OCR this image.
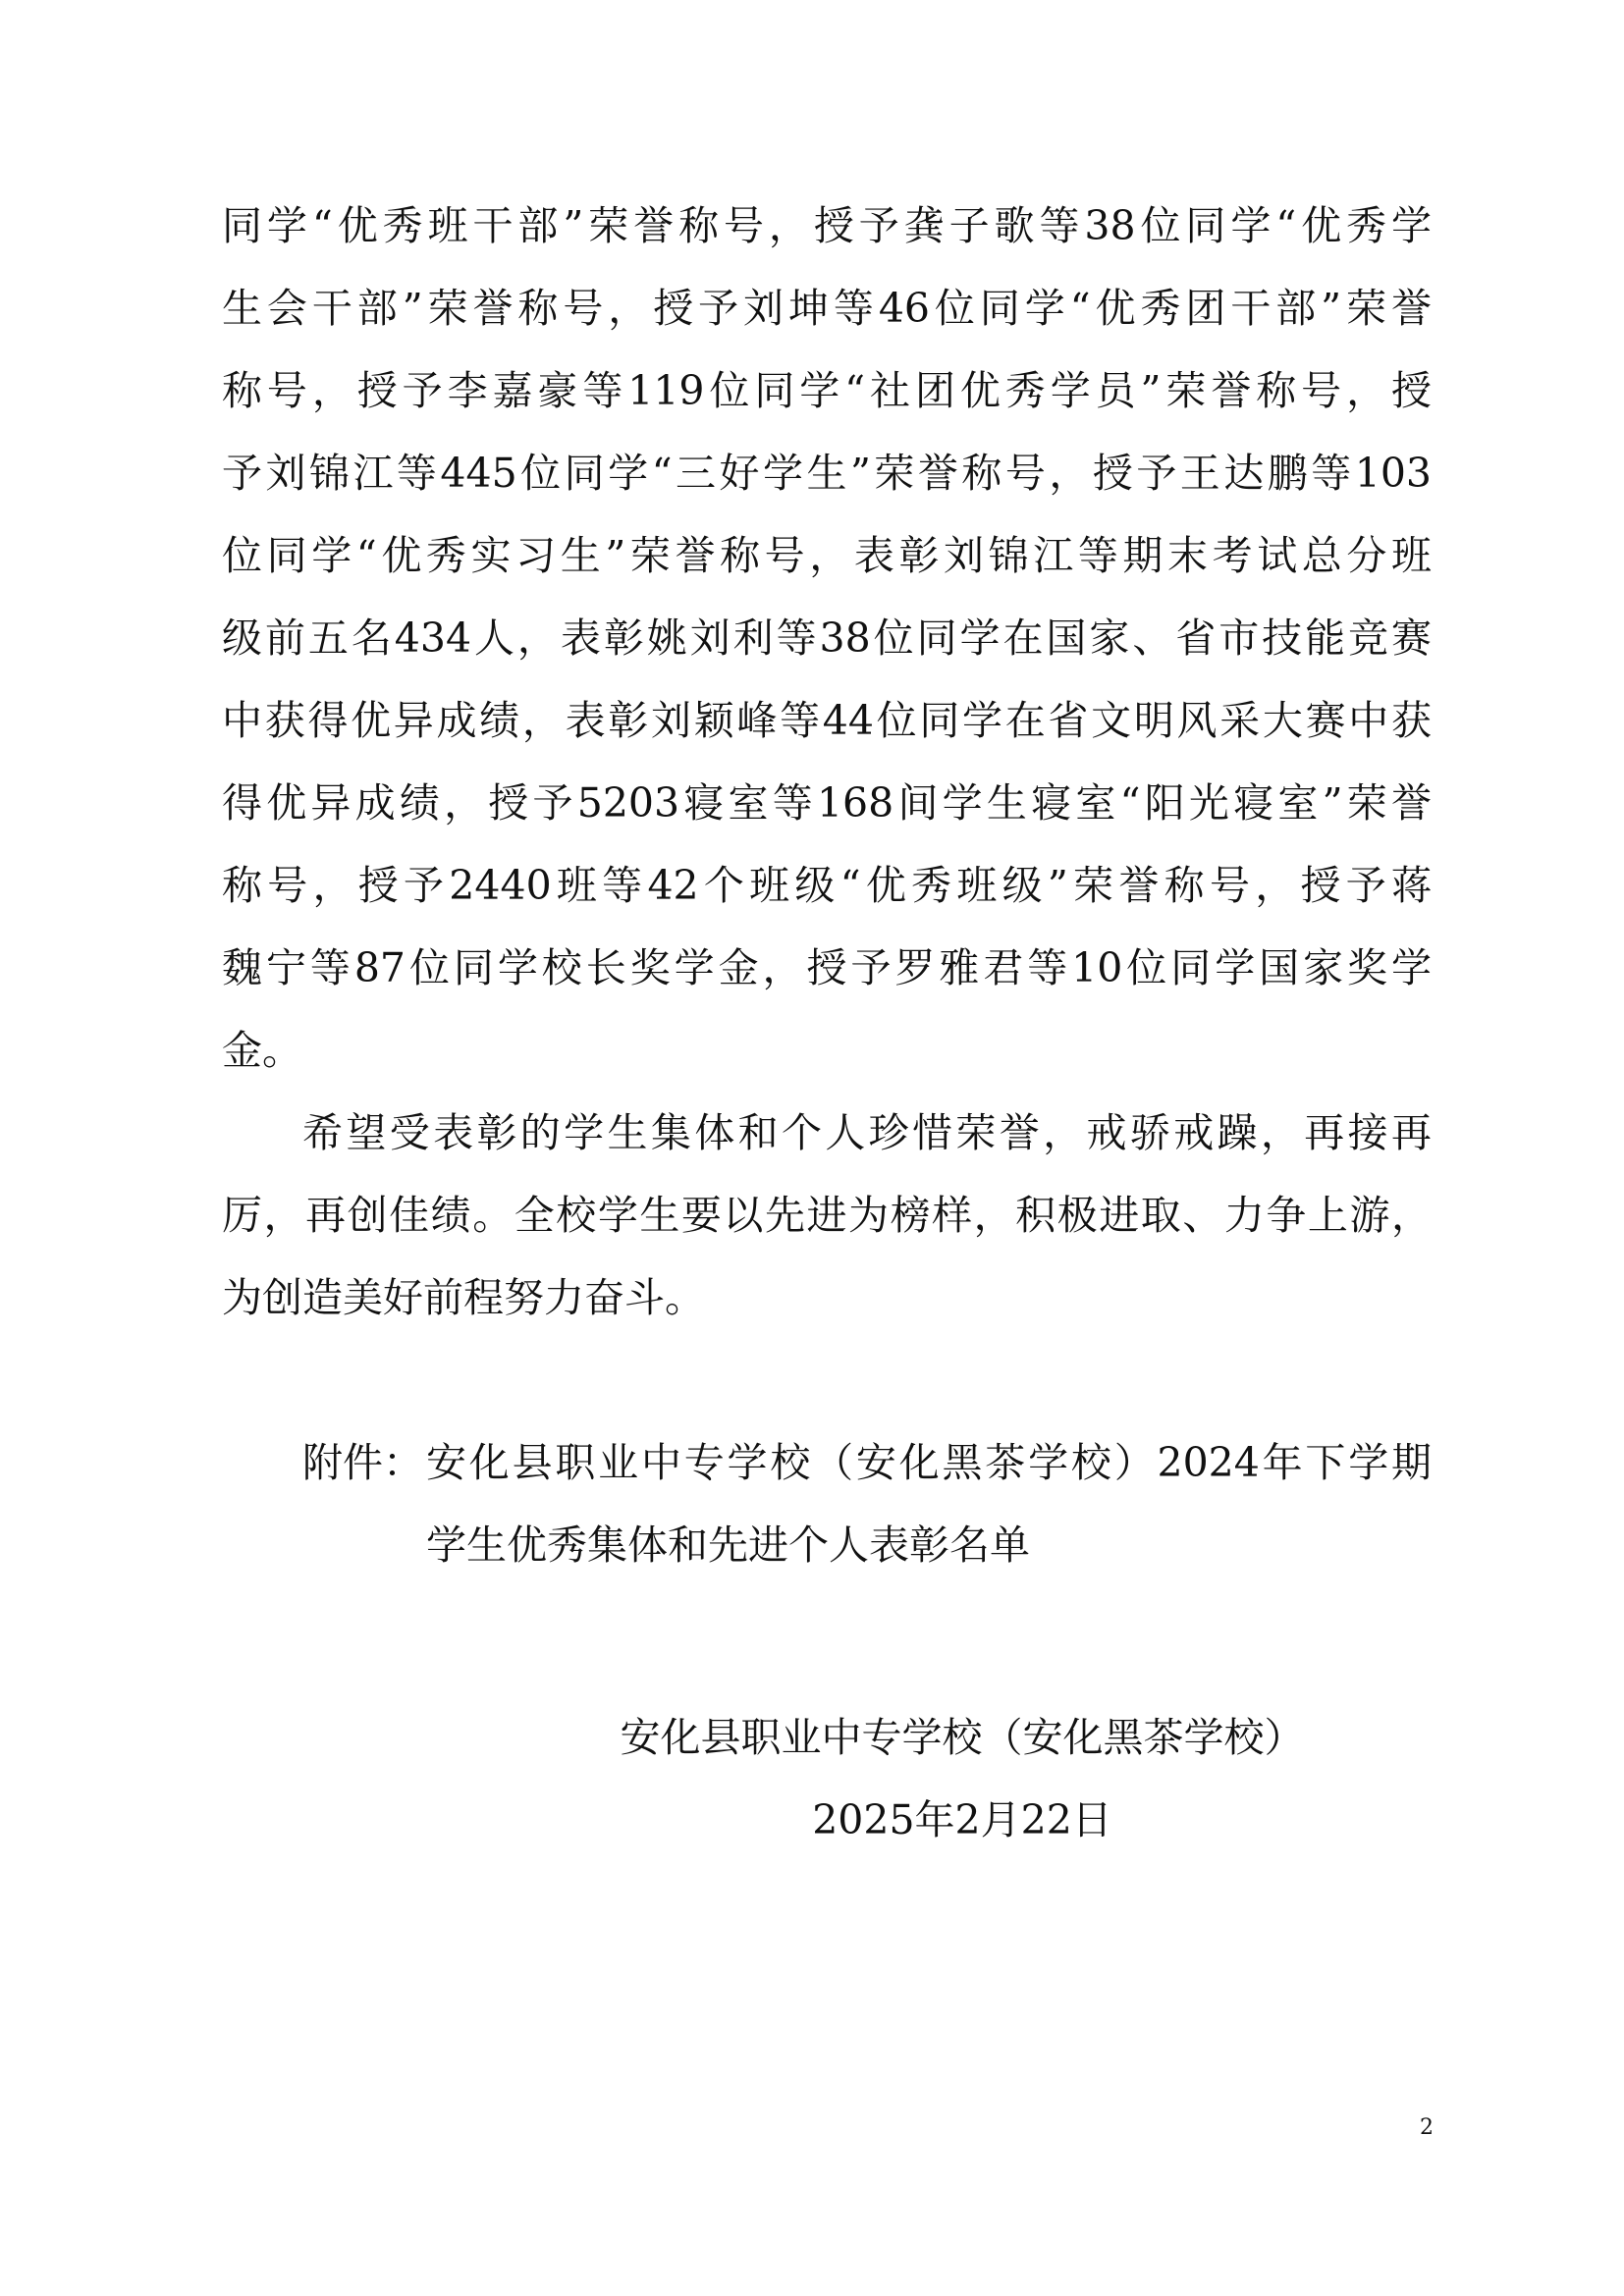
同学“优秀班干部”荣誉称号，授予龚子歌等38位同学“优秀学
生会干部”荣誉称号，授予刘坤等46位同学“优秀团干部”荣誉
称号，授予李嘉豪等119位同学“社团优秀学员”荣誉称号，授
予刘锦江等445位同学“三好学生”荣誉称号，授予王达鹏等103
位同学“优秀实习生”荣誉称号，表彰刘锦江等期末考试总分班
级前五名434人，表彰姚刘利等38位同学在国家、省市技能竞赛
中获得优异成绩，表彰刘颖峰等44位同学在省文明风采大赛中获
得优异成绩，授予5203寝室等168间学生寝室“阳光寝室”荣誉
称号，授予2440班等42个班级“优秀班级”荣誉称号，授予蒋
魏宁等87位同学校长奖学金，授予罗雅君等10位同学国家奖学
金。
希望受表彰的学生集体和个人珍惜荣誉，戒骄戒躁，再接再
厉，再创佳绩。全校学生要以先进为榜样，积极进取、力争上游，
为创造美好前程努力奋斗。
附件： 安化县职业中专学校（安化黑茶学校）2024年下学期
学生优秀集体和先进个人表彰名单
安化县职业中专学校（安化黑茶学校）
2025年2月22日
2
